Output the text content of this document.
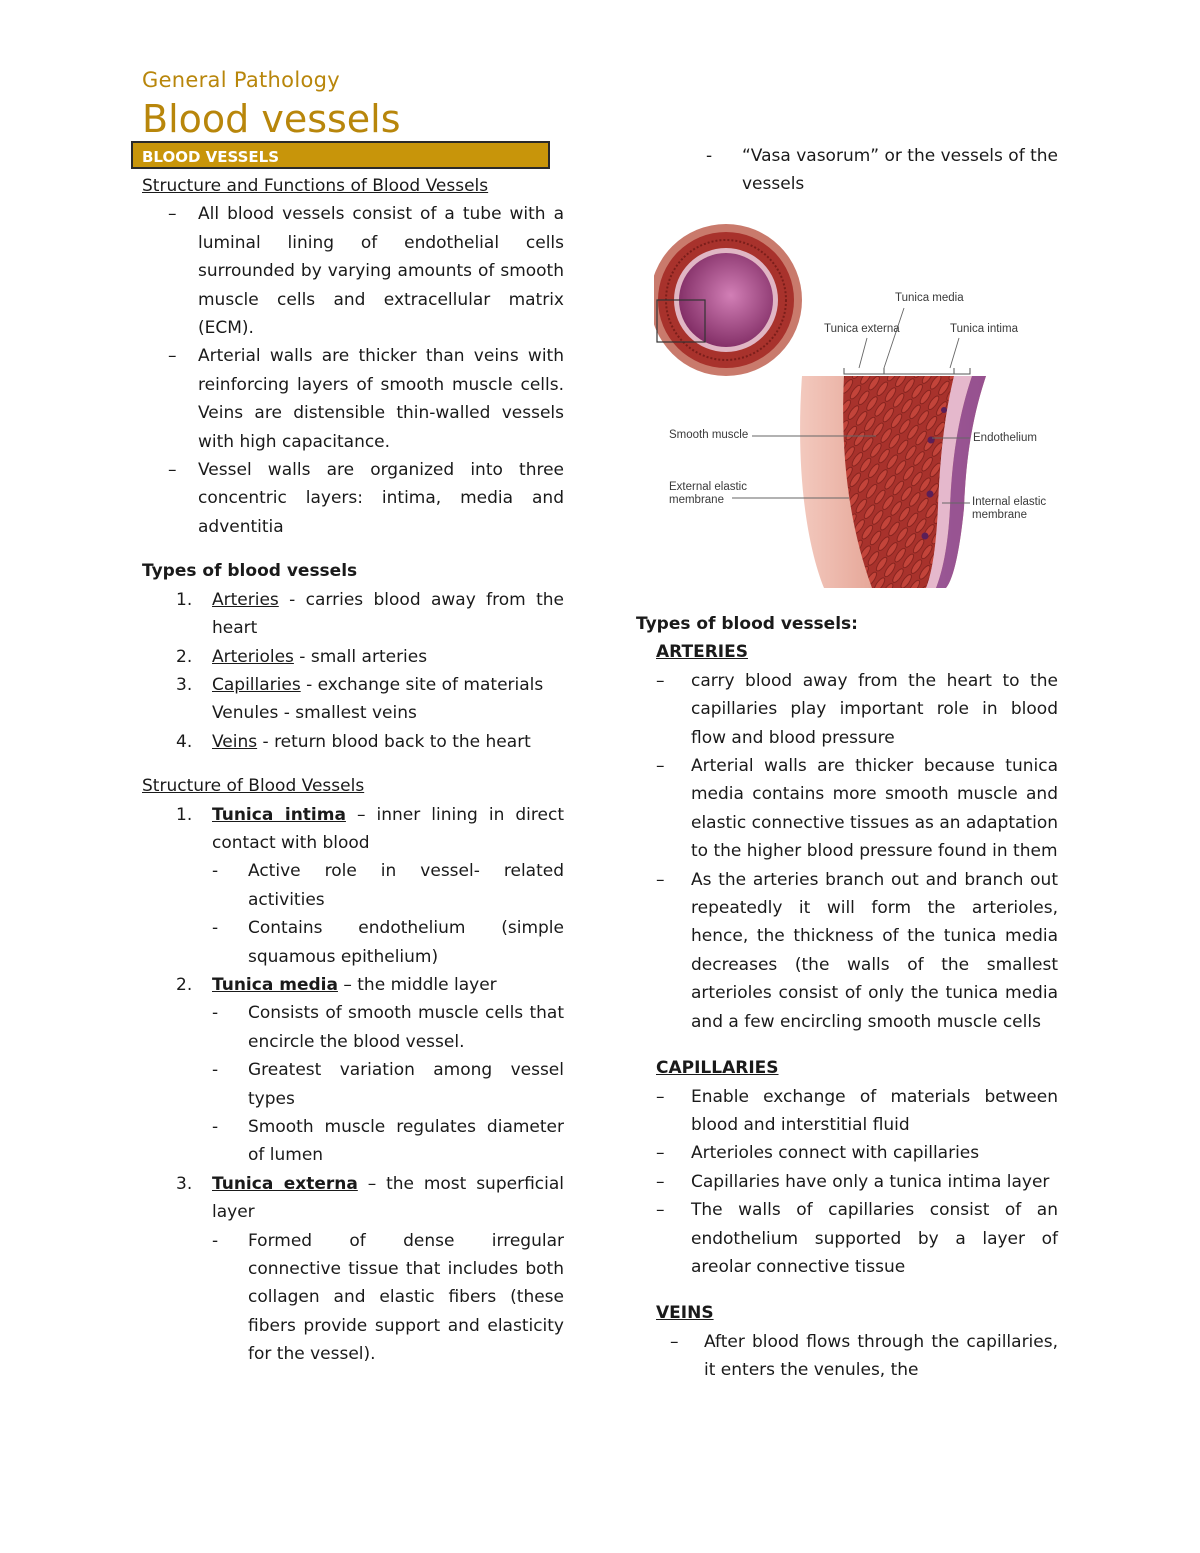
General Pathology
Blood vessels
BLOOD VESSELS
Structure and Functions of Blood Vessels
– All blood vessels consist of a tube with a luminal lining of endothelial cells surrounded by varying amounts of smooth muscle cells and extracellular matrix (ECM).
– Arterial walls are thicker than veins with reinforcing layers of smooth muscle cells. Veins are distensible thin-walled vessels with high capacitance.
– Vessel walls are organized into three concentric layers: intima, media and adventitia
Types of blood vessels
1. Arteries - carries blood away from the heart
2. Arterioles - small arteries
3. Capillaries - exchange site of materials
Venules - smallest veins
4. Veins - return blood back to the heart
Structure of Blood Vessels
1. Tunica intima – inner lining in direct contact with blood
- Active role in vessel- related activities
- Contains endothelium (simple squamous epithelium)
2. Tunica media – the middle layer
- Consists of smooth muscle cells that encircle the blood vessel.
- Greatest variation among vessel types
- Smooth muscle regulates diameter of lumen
3. Tunica externa – the most superficial layer
- Formed of dense irregular connective tissue that includes both collagen and elastic fibers (these fibers provide support and elasticity for the vessel).
- “Vasa vasorum” or the vessels of the vessels
Tunica media
Tunica externa	Tunica intima
Smooth muscle	Endothelium
External elastic membrane	Internal elastic membrane
Types of blood vessels:
ARTERIES
– carry blood away from the heart to the capillaries play important role in blood flow and blood pressure
– Arterial walls are thicker because tunica media contains more smooth muscle and elastic connective tissues as an adaptation to the higher blood pressure found in them
– As the arteries branch out and branch out repeatedly it will form the arterioles, hence, the thickness of the tunica media decreases (the walls of the smallest arterioles consist of only the tunica media and a few encircling smooth muscle cells
CAPILLARIES
– Enable exchange of materials between blood and interstitial fluid
– Arterioles connect with capillaries
– Capillaries have only a tunica intima layer
– The walls of capillaries consist of an endothelium supported by a layer of areolar connective tissue
VEINS
– After blood flows through the capillaries, it enters the venules, the
